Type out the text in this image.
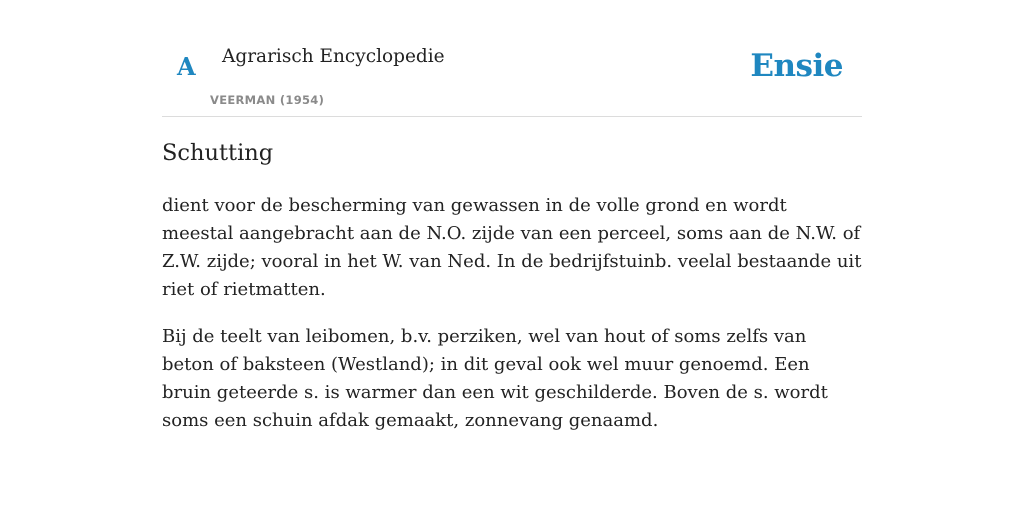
A Agrarisch Encyclopedie
VEERMAN (1954)
Ensie
Schutting

dient voor de bescherming van gewassen in de volle grond en wordt meestal aangebracht aan de N.O. zijde van een perceel, soms aan de N.W. of Z.W. zijde; vooral in het W. van Ned. In de bedrijfstuinb. veelal bestaande uit riet of rietmatten.

Bij de teelt van leibomen, b.v. perziken, wel van hout of soms zelfs van beton of baksteen (Westland); in dit geval ook wel muur genoemd. Een bruin geteerde s. is warmer dan een wit geschilderde. Boven de s. wordt soms een schuin afdak gemaakt, zonnevang genaamd.
